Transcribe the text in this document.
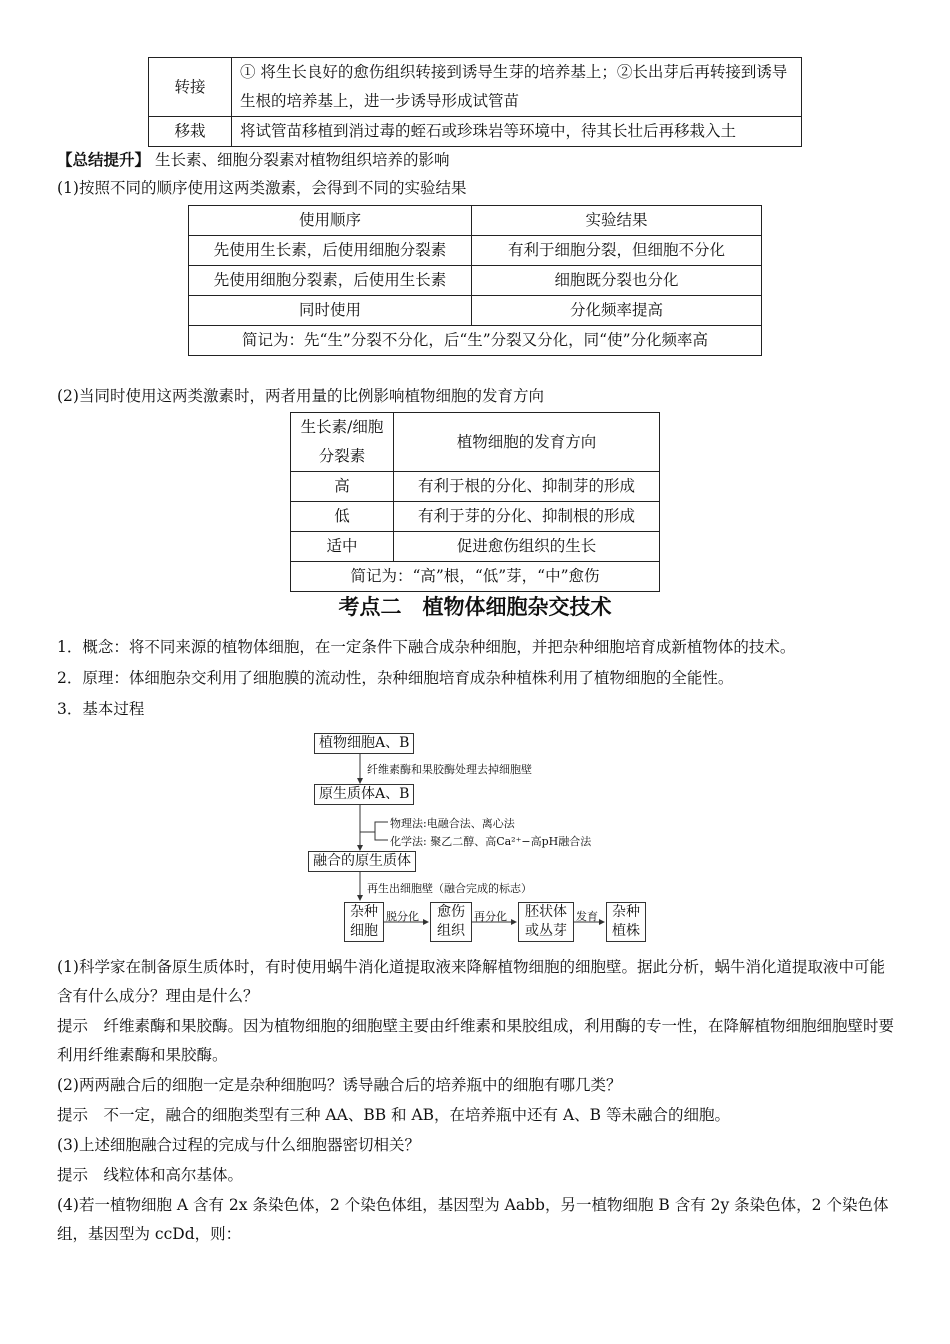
转接	① 将生长良好的愈伤组织转接到诱导生芽的培养基上；②长出芽后再转接到诱导生根的培养基上，进一步诱导形成试管苗
移栽	将试管苗移植到消过毒的蛭石或珍珠岩等环境中，待其长壮后再移栽入土
【总结提升】 生长素、细胞分裂素对植物组织培养的影响
(1)按照不同的顺序使用这两类激素，会得到不同的实验结果
使用顺序	实验结果
先使用生长素，后使用细胞分裂素	有利于细胞分裂，但细胞不分化
先使用细胞分裂素，后使用生长素	细胞既分裂也分化
同时使用	分化频率提高
简记为：先“生”分裂不分化，后“生”分裂又分化，同“使”分化频率高	
(2)当同时使用这两类激素时，两者用量的比例影响植物细胞的发育方向
生长素/细胞分裂素	植物细胞的发育方向
高	有利于根的分化、抑制芽的形成
低	有利于芽的分化、抑制根的形成
适中	促进愈伤组织的生长
简记为：“高”根，“低”芽，“中”愈伤	
考点二　植物体细胞杂交技术
1．概念：将不同来源的植物体细胞，在一定条件下融合成杂种细胞，并把杂种细胞培育成新植物体的技术。
2．原理：体细胞杂交利用了细胞膜的流动性，杂种细胞培育成杂种植株利用了植物细胞的全能性。
3．基本过程
植物细胞A、B
纤维素酶和果胶酶处理去掉细胞壁
原生质体A、B
物理法:电融合法、离心法
化学法: 聚乙二醇、高Ca²⁺−高pH融合法
融合的原生质体
再生出细胞壁（融合完成的标志）
杂种细胞
脱分化	愈伤组织
再分化	胚状体或丛芽
发育	杂种植株
(1)科学家在制备原生质体时，有时使用蜗牛消化道提取液来降解植物细胞的细胞壁。据此分析，蜗牛消化道提取液中可能含有什么成分？理由是什么？
提示　纤维素酶和果胶酶。因为植物细胞的细胞壁主要由纤维素和果胶组成，利用酶的专一性，在降解植物细胞细胞壁时要利用纤维素酶和果胶酶。
(2)两两融合后的细胞一定是杂种细胞吗？诱导融合后的培养瓶中的细胞有哪几类？
提示　不一定，融合的细胞类型有三种 AA、BB 和 AB，在培养瓶中还有 A、B 等未融合的细胞。
(3)上述细胞融合过程的完成与什么细胞器密切相关？
提示　线粒体和高尔基体。
(4)若一植物细胞 A 含有 2x 条染色体，2 个染色体组，基因型为 Aabb，另一植物细胞 B 含有 2y 条染色体，2 个染色体组，基因型为 ccDd，则：
